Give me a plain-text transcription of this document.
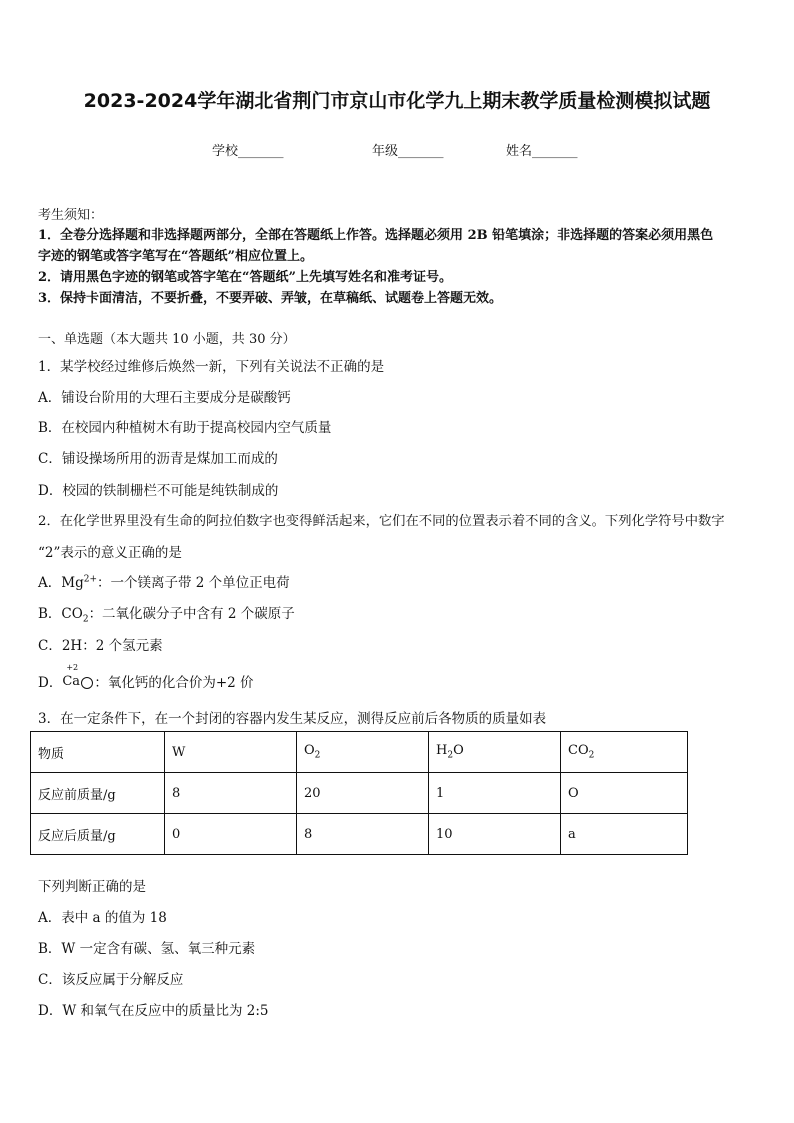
2023-2024学年湖北省荆门市京山市化学九上期末教学质量检测模拟试题
学校_______	年级_______	姓名_______
考生须知：
1．全卷分选择题和非选择题两部分，全部在答题纸上作答。选择题必须用 2B 铅笔填涂；非选择题的答案必须用黑色
字迹的钢笔或答字笔写在“答题纸”相应位置上。
2．请用黑色字迹的钢笔或答字笔在“答题纸”上先填写姓名和准考证号。
3．保持卡面清洁，不要折叠，不要弄破、弄皱，在草稿纸、试题卷上答题无效。
一、单选题（本大题共 10 小题，共 30 分）
1．某学校经过维修后焕然一新，下列有关说法不正确的是
A．铺设台阶用的大理石主要成分是碳酸钙
B．在校园内种植树木有助于提高校园内空气质量
C．铺设操场所用的沥青是煤加工而成的
D．校园的铁制栅栏不可能是纯铁制成的
2．在化学世界里没有生命的阿拉伯数字也变得鲜活起来，它们在不同的位置表示着不同的含义。下列化学符号中数字
“2”表示的意义正确的是
A．$Mg^{2+}$：一个镁离子带 2 个单位正电荷
B．$CO_2$：二氧化碳分子中含有 2 个碳原子
C．2H：2 个氢元素
D．
+2
Ca ：氧化钙的化合价为+2 价
3．在一定条件下，在一个封闭的容器内发生某反应，测得反应前后各物质的质量如表
物质	W	$O_2$	$H_2O$	$CO_2$
反应前质量/g	8	20	1	O
反应后质量/g	0	8	10	a
下列判断正确的是
A．表中 a 的值为 18
B．W 一定含有碳、氢、氧三种元素
C．该反应属于分解反应
D．W 和氧气在反应中的质量比为 2:5
